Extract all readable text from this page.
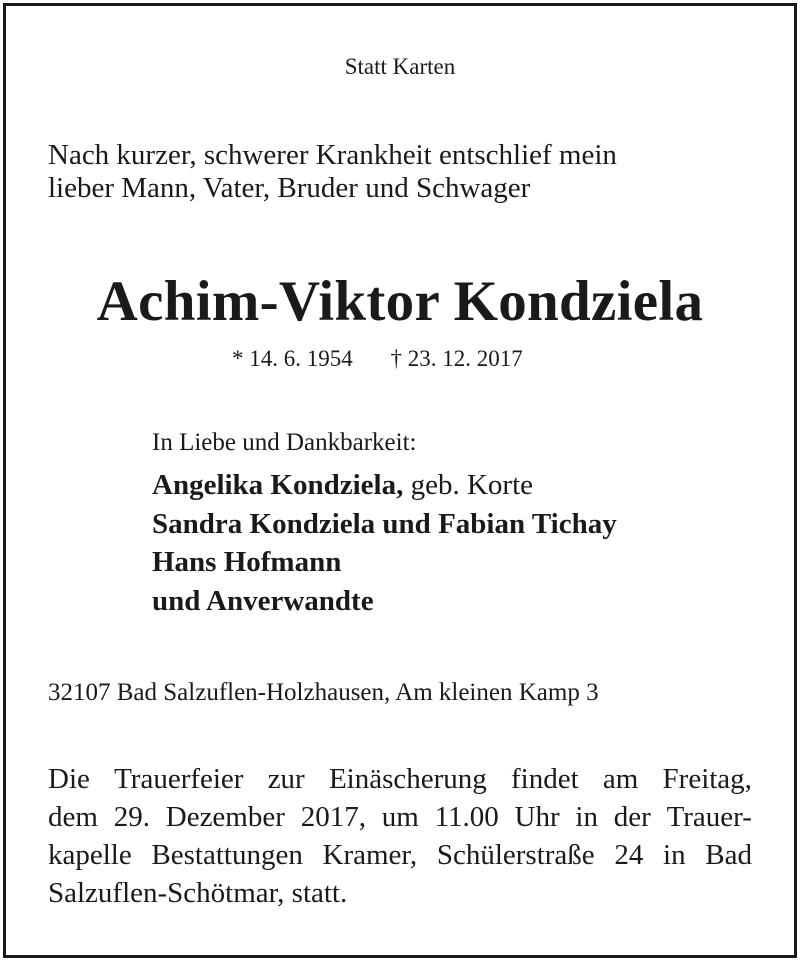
Statt Karten
Nach kurzer, schwerer Krankheit entschlief mein
lieber Mann, Vater, Bruder und Schwager
Achim-Viktor Kondziela
* 14. 6. 1954 † 23. 12. 2017
In Liebe und Dankbarkeit:
Angelika Kondziela, geb. Korte
Sandra Kondziela und Fabian Tichay
Hans Hofmann
und Anverwandte
32107 Bad Salzuflen-Holzhausen, Am kleinen Kamp 3
Die Trauerfeier zur Einäscherung findet am Freitag,
dem 29. Dezember 2017, um 11.00 Uhr in der Trauer-
kapelle Bestattungen Kramer, Schülerstraße 24 in Bad
Salzuflen-Schötmar, statt.
